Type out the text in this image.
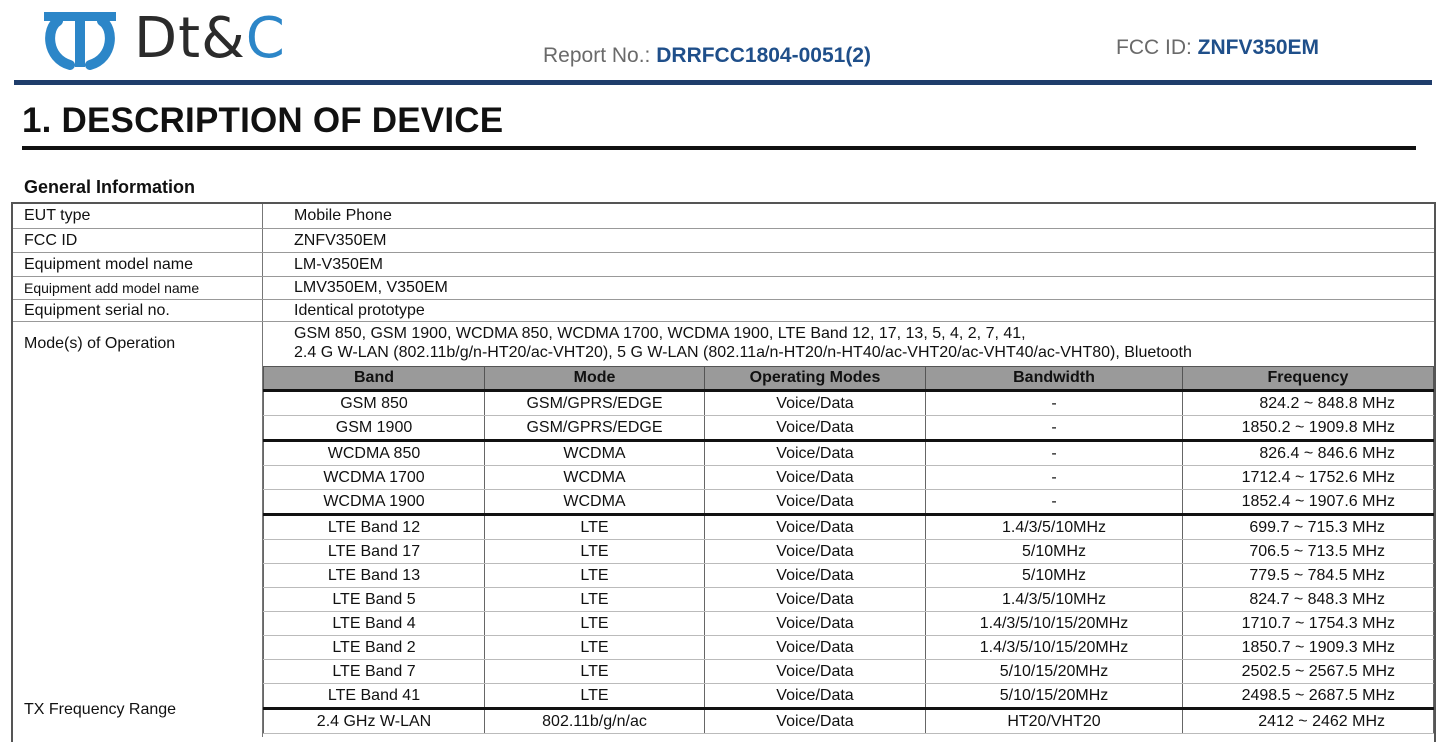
Dt&C	Report No.: DRRFCC1804-0051(2)	FCC ID: ZNFV350EM
1. DESCRIPTION OF DEVICE
General Information
EUT type	Mobile Phone
FCC ID	ZNFV350EM
Equipment model name	LM-V350EM
Equipment add model name	LMV350EM, V350EM
Equipment serial no.	Identical prototype
Mode(s) of Operation
GSM 850, GSM 1900, WCDMA 850, WCDMA 1700, WCDMA 1900, LTE Band 12, 17, 13, 5, 4, 2, 7, 41,
2.4 G W-LAN (802.11b/g/n-HT20/ac-VHT20), 5 G W-LAN (802.11a/n-HT20/n-HT40/ac-VHT20/ac-VHT40/ac-VHT80), Bluetooth
TX Frequency Range
Band	Mode	Operating Modes	Bandwidth	Frequency
GSM 850	GSM/GPRS/EDGE	Voice/Data	-	824.2 ~ 848.8 MHz
GSM 1900	GSM/GPRS/EDGE	Voice/Data	-	1850.2 ~ 1909.8 MHz
WCDMA 850	WCDMA	Voice/Data	-	826.4 ~ 846.6 MHz
WCDMA 1700	WCDMA	Voice/Data	-	1712.4 ~ 1752.6 MHz
WCDMA 1900	WCDMA	Voice/Data	-	1852.4 ~ 1907.6 MHz
LTE Band 12	LTE	Voice/Data	1.4/3/5/10MHz	699.7 ~ 715.3 MHz
LTE Band 17	LTE	Voice/Data	5/10MHz	706.5 ~ 713.5 MHz
LTE Band 13	LTE	Voice/Data	5/10MHz	779.5 ~ 784.5 MHz
LTE Band 5	LTE	Voice/Data	1.4/3/5/10MHz	824.7 ~ 848.3 MHz
LTE Band 4	LTE	Voice/Data	1.4/3/5/10/15/20MHz	1710.7 ~ 1754.3 MHz
LTE Band 2	LTE	Voice/Data	1.4/3/5/10/15/20MHz	1850.7 ~ 1909.3 MHz
LTE Band 7	LTE	Voice/Data	5/10/15/20MHz	2502.5 ~ 2567.5 MHz
LTE Band 41	LTE	Voice/Data	5/10/15/20MHz	2498.5 ~ 2687.5 MHz
2.4 GHz W-LAN	802.11b/g/n/ac	Voice/Data	HT20/VHT20	2412 ~ 2462 MHz
